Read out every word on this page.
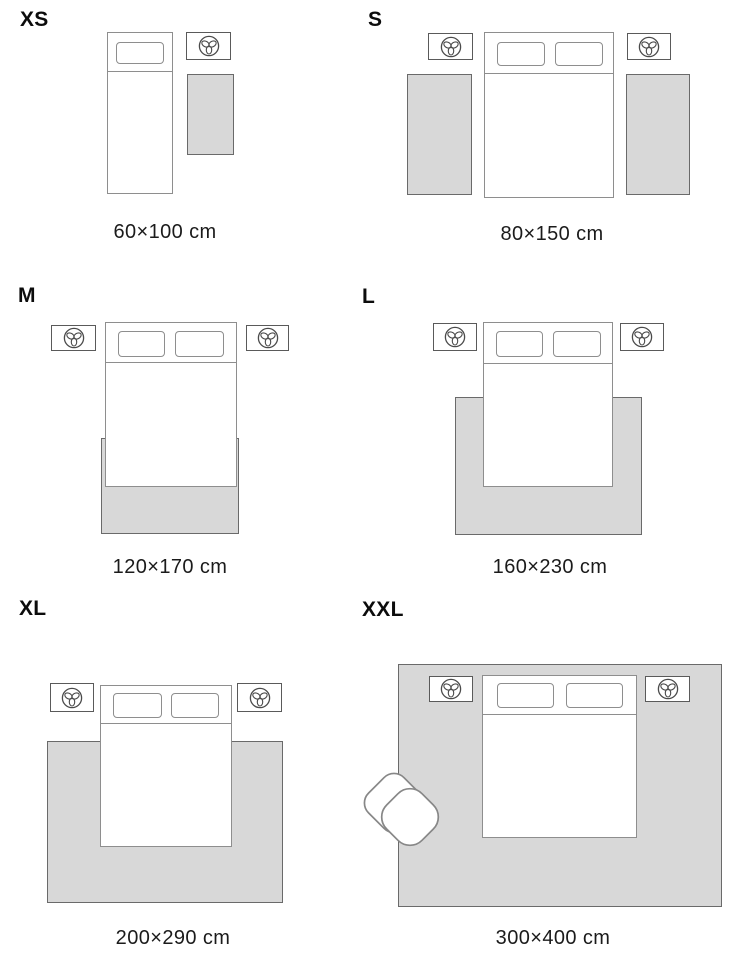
XS

60×100 cm

S

80×150 cm

M

120×170 cm

L

160×230 cm

XL

200×290 cm

XXL

300×400 cm
